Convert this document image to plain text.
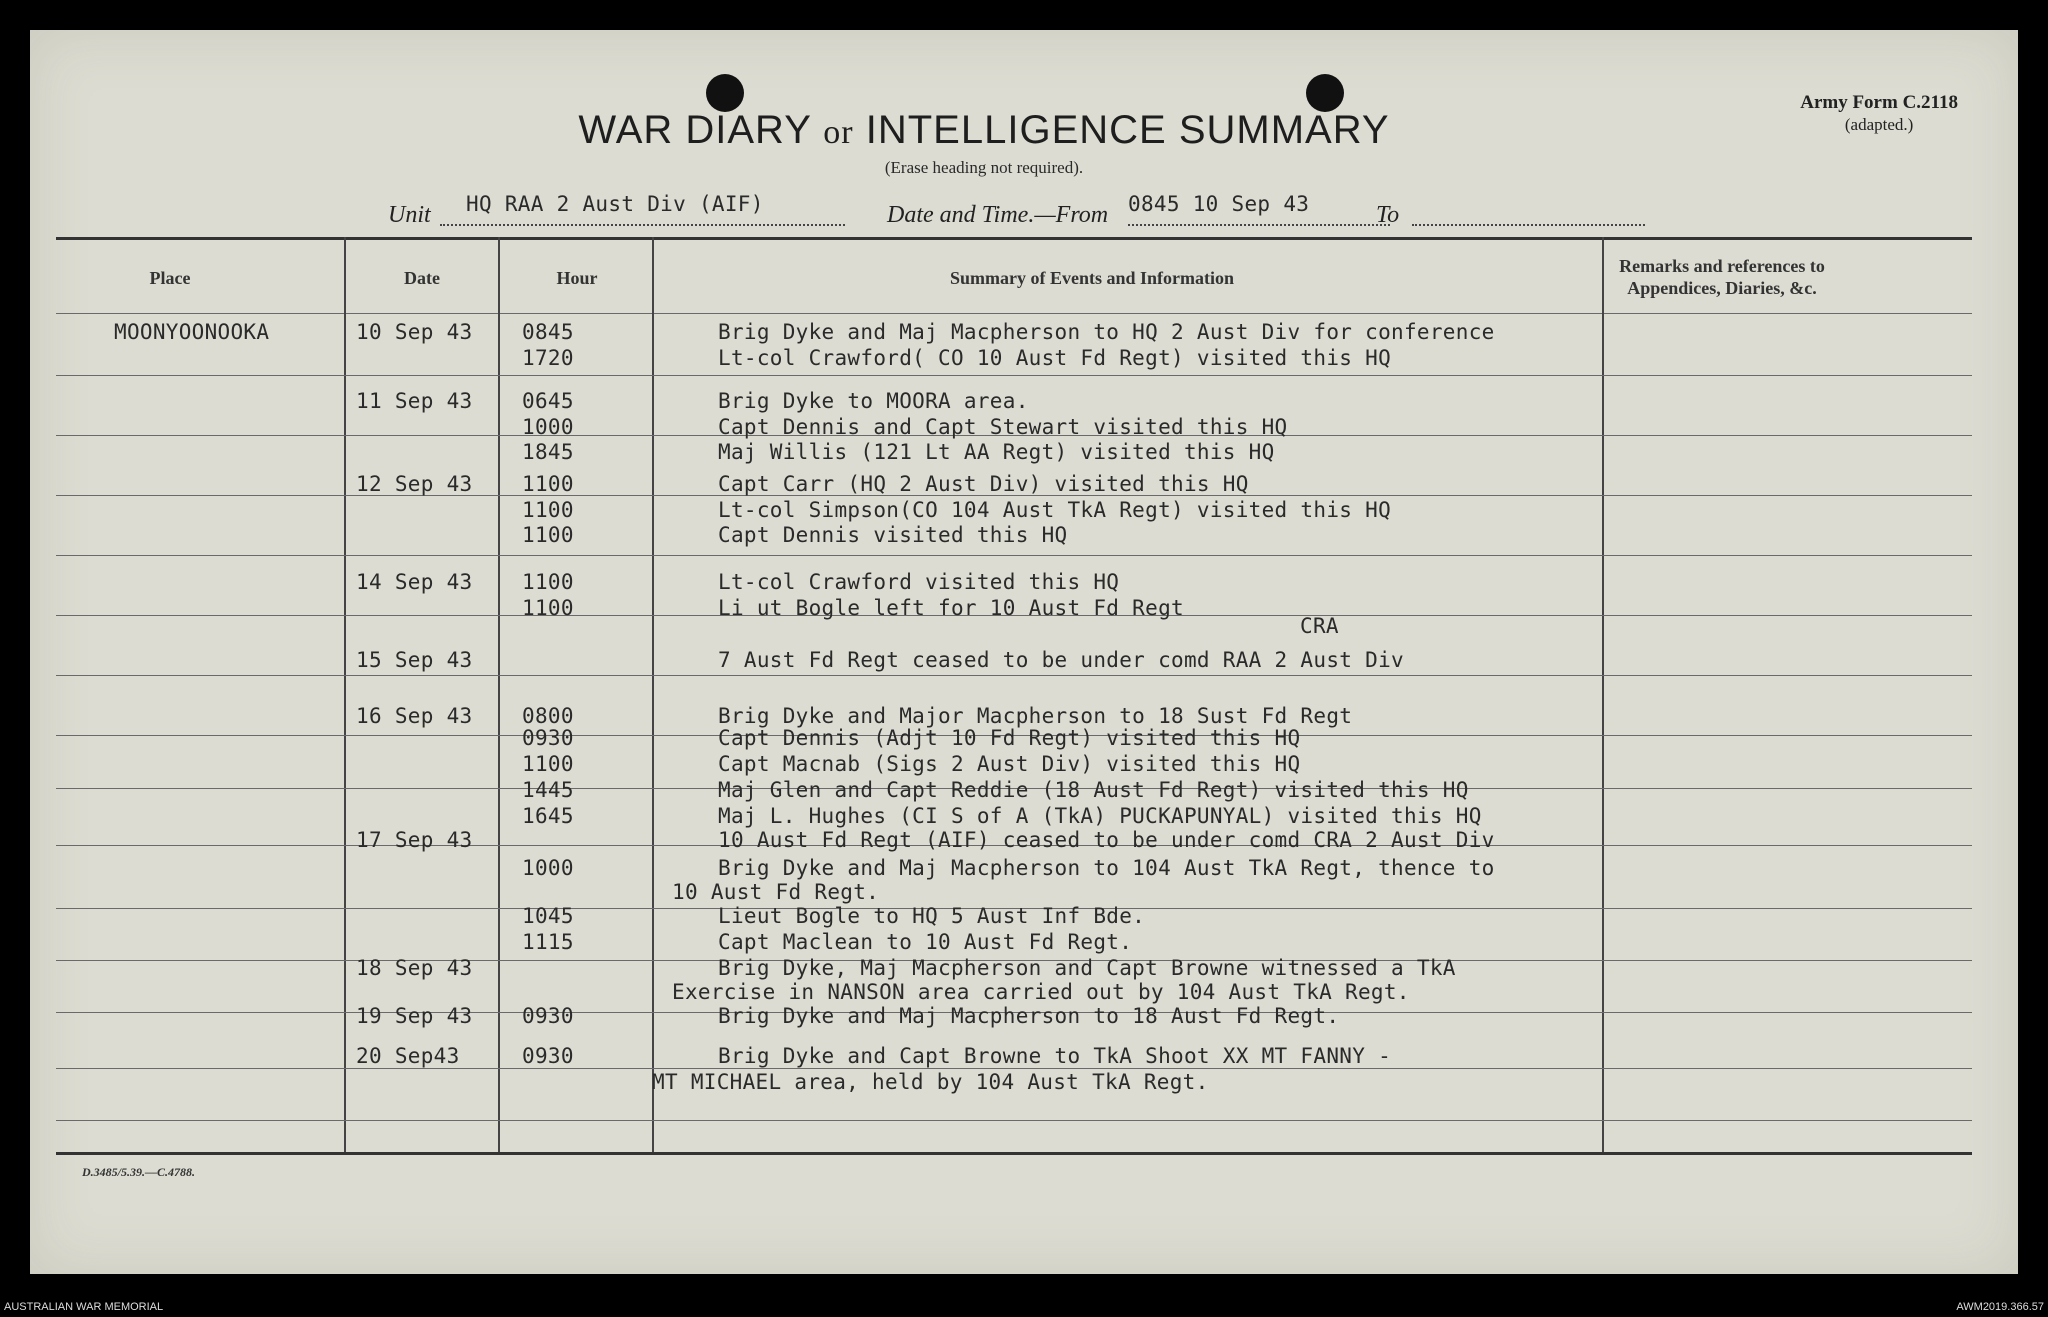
WAR DIARY or INTELLIGENCE SUMMARY
(Erase heading not required).
Army Form C.2118
(adapted.)
Unit HQ RAA 2 Aust Div (AIF)	Date and Time.—From 0845 10 Sep 43	To
Place	Date	Hour	Summary of Events and Information
Remarks and references to
Appendices, Diaries, &c.
MOONYOONOOKA	10 Sep 43 0845	Brig Dyke and Maj Macpherson to HQ 2 Aust Div for conference
1720	Lt-col Crawford( CO 10 Aust Fd Regt) visited this HQ
11 Sep 43 0645	Brig Dyke to MOORA area.
1000	Capt Dennis and Capt Stewart visited this HQ
1845	Maj Willis (121 Lt AA Regt) visited this HQ
12 Sep 43 1100	Capt Carr (HQ 2 Aust Div) visited this HQ
1100	Lt-col Simpson(CO 104 Aust TkA Regt) visited this HQ
1100	Capt Dennis visited this HQ
14 Sep 43 1100	Lt-col Crawford visited this HQ
1100	Li ut Bogle left for 10 Aust Fd Regt
CRA
15 Sep 43	7 Aust Fd Regt ceased to be under comd RAA 2 Aust Div
16 Sep 43 0800	Brig Dyke and Major Macpherson to 18 Sust Fd Regt
0930	Capt Dennis (Adjt 10 Fd Regt) visited this HQ
1100	Capt Macnab (Sigs 2 Aust Div) visited this HQ
1445	Maj Glen and Capt Reddie (18 Aust Fd Regt) visited this HQ
1645	Maj L. Hughes (CI S of A (TkA) PUCKAPUNYAL) visited this HQ
17 Sep 43	10 Aust Fd Regt (AIF) ceased to be under comd CRA 2 Aust Div
1000	Brig Dyke and Maj Macpherson to 104 Aust TkA Regt, thence to
10 Aust Fd Regt.
1045	Lieut Bogle to HQ 5 Aust Inf Bde.
1115	Capt Maclean to 10 Aust Fd Regt.
18 Sep 43	Brig Dyke, Maj Macpherson and Capt Browne witnessed a TkA
Exercise in NANSON area carried out by 104 Aust TkA Regt.
19 Sep 43 0930	Brig Dyke and Maj Macpherson to 18 Aust Fd Regt.
20 Sep43	0930	Brig Dyke and Capt Browne to TkA Shoot XX MT FANNY -
MT MICHAEL area, held by 104 Aust TkA Regt.
D.3485/5.39.—C.4788.
AUSTRALIAN WAR MEMORIAL	AWM2019.366.57
